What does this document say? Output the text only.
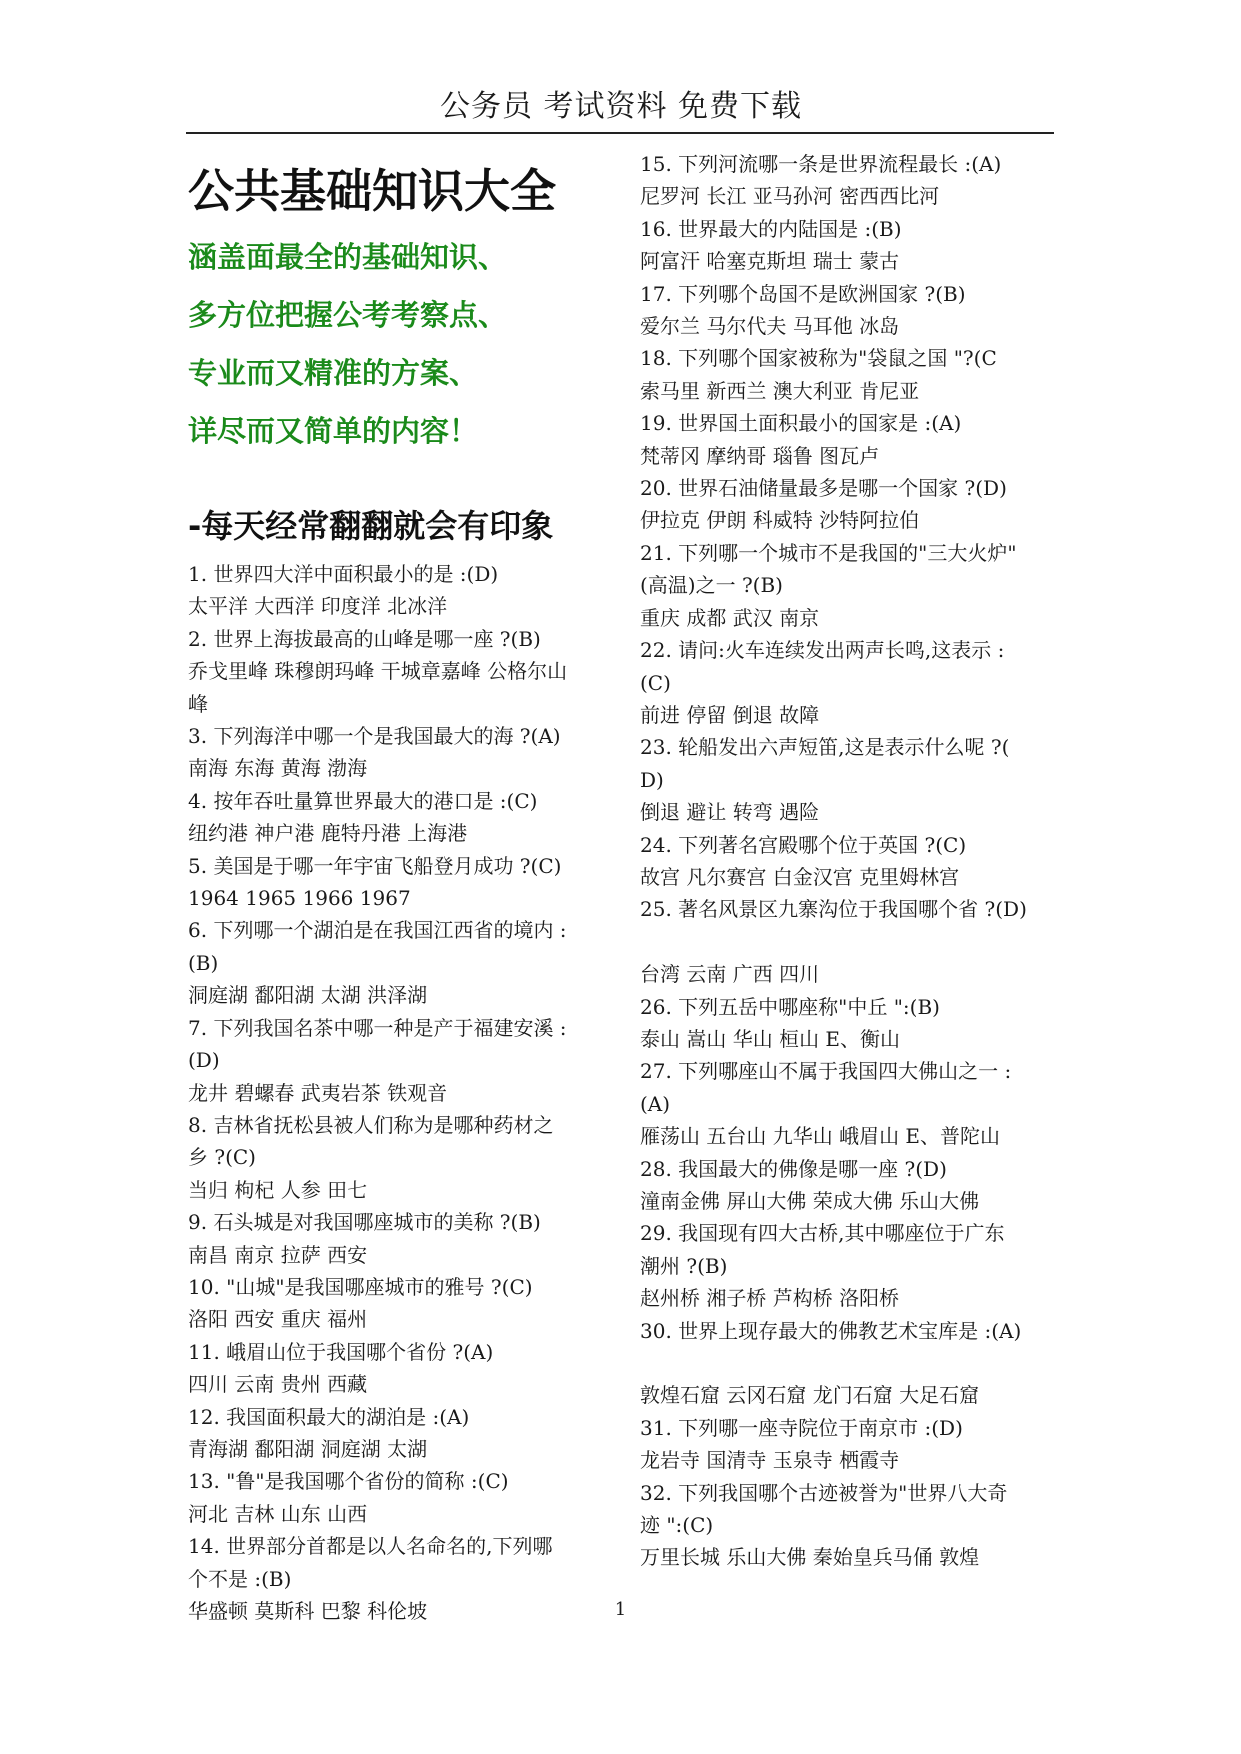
公务员 考试资料 免费下载
公共基础知识大全
涵盖面最全的基础知识、
多方位把握公考考察点、
专业而又精准的方案、
详尽而又简单的内容！
-每天经常翻翻就会有印象
1. 世界四大洋中面积最小的是 :(D)
太平洋 大西洋 印度洋 北冰洋
2. 世界上海拔最高的山峰是哪一座 ?(B)
乔戈里峰 珠穆朗玛峰 干城章嘉峰 公格尔山
峰
3. 下列海洋中哪一个是我国最大的海 ?(A)
南海 东海 黄海 渤海
4. 按年吞吐量算世界最大的港口是 :(C)
纽约港 神户港 鹿特丹港 上海港
5. 美国是于哪一年宇宙飞船登月成功 ?(C)
1964 1965 1966 1967
6. 下列哪一个湖泊是在我国江西省的境内 :
(B)
洞庭湖 鄱阳湖 太湖 洪泽湖
7. 下列我国名茶中哪一种是产于福建安溪 :
(D)
龙井 碧螺春 武夷岩茶 铁观音
8. 吉林省抚松县被人们称为是哪种药材之
乡 ?(C)
当归 枸杞 人参 田七
9. 石头城是对我国哪座城市的美称 ?(B)
南昌 南京 拉萨 西安
10. "山城"是我国哪座城市的雅号 ?(C)
洛阳 西安 重庆 福州
11. 峨眉山位于我国哪个省份 ?(A)
四川 云南 贵州 西藏
12. 我国面积最大的湖泊是 :(A)
青海湖 鄱阳湖 洞庭湖 太湖
13. "鲁"是我国哪个省份的简称 :(C)
河北 吉林 山东 山西
14. 世界部分首都是以人名命名的,下列哪
个不是 :(B)
华盛顿 莫斯科 巴黎 科伦坡
15. 下列河流哪一条是世界流程最长 :(A)
尼罗河 长江 亚马孙河 密西西比河
16. 世界最大的内陆国是 :(B)
阿富汗 哈塞克斯坦 瑞士 蒙古
17. 下列哪个岛国不是欧洲国家 ?(B)
爱尔兰 马尔代夫 马耳他 冰岛
18. 下列哪个国家被称为"袋鼠之国 "?(C
索马里 新西兰 澳大利亚 肯尼亚
19. 世界国土面积最小的国家是 :(A)
梵蒂冈 摩纳哥 瑙鲁 图瓦卢
20. 世界石油储量最多是哪一个国家 ?(D)
伊拉克 伊朗 科威特 沙特阿拉伯
21. 下列哪一个城市不是我国的"三大火炉"
(高温)之一 ?(B)
重庆 成都 武汉 南京
22. 请问:火车连续发出两声长鸣,这表示 :
(C)
前进 停留 倒退 故障
23. 轮船发出六声短笛,这是表示什么呢 ?(
D)
倒退 避让 转弯 遇险
24. 下列著名宫殿哪个位于英国 ?(C)
故宫 凡尔赛宫 白金汉宫 克里姆林宫
25. 著名风景区九寨沟位于我国哪个省 ?(D)
台湾 云南 广西 四川
26. 下列五岳中哪座称"中丘 ":(B)
泰山 嵩山 华山 桓山 E、衡山
27. 下列哪座山不属于我国四大佛山之一 :
(A)
雁荡山 五台山 九华山 峨眉山 E、普陀山
28. 我国最大的佛像是哪一座 ?(D)
潼南金佛 屏山大佛 荣成大佛 乐山大佛
29. 我国现有四大古桥,其中哪座位于广东
潮州 ?(B)
赵州桥 湘子桥 芦构桥 洛阳桥
30. 世界上现存最大的佛教艺术宝库是 :(A)
敦煌石窟 云冈石窟 龙门石窟 大足石窟
31. 下列哪一座寺院位于南京市 :(D)
龙岩寺 国清寺 玉泉寺 栖霞寺
32. 下列我国哪个古迹被誉为"世界八大奇
迹 ":(C)
万里长城 乐山大佛 秦始皇兵马俑 敦煌
1
